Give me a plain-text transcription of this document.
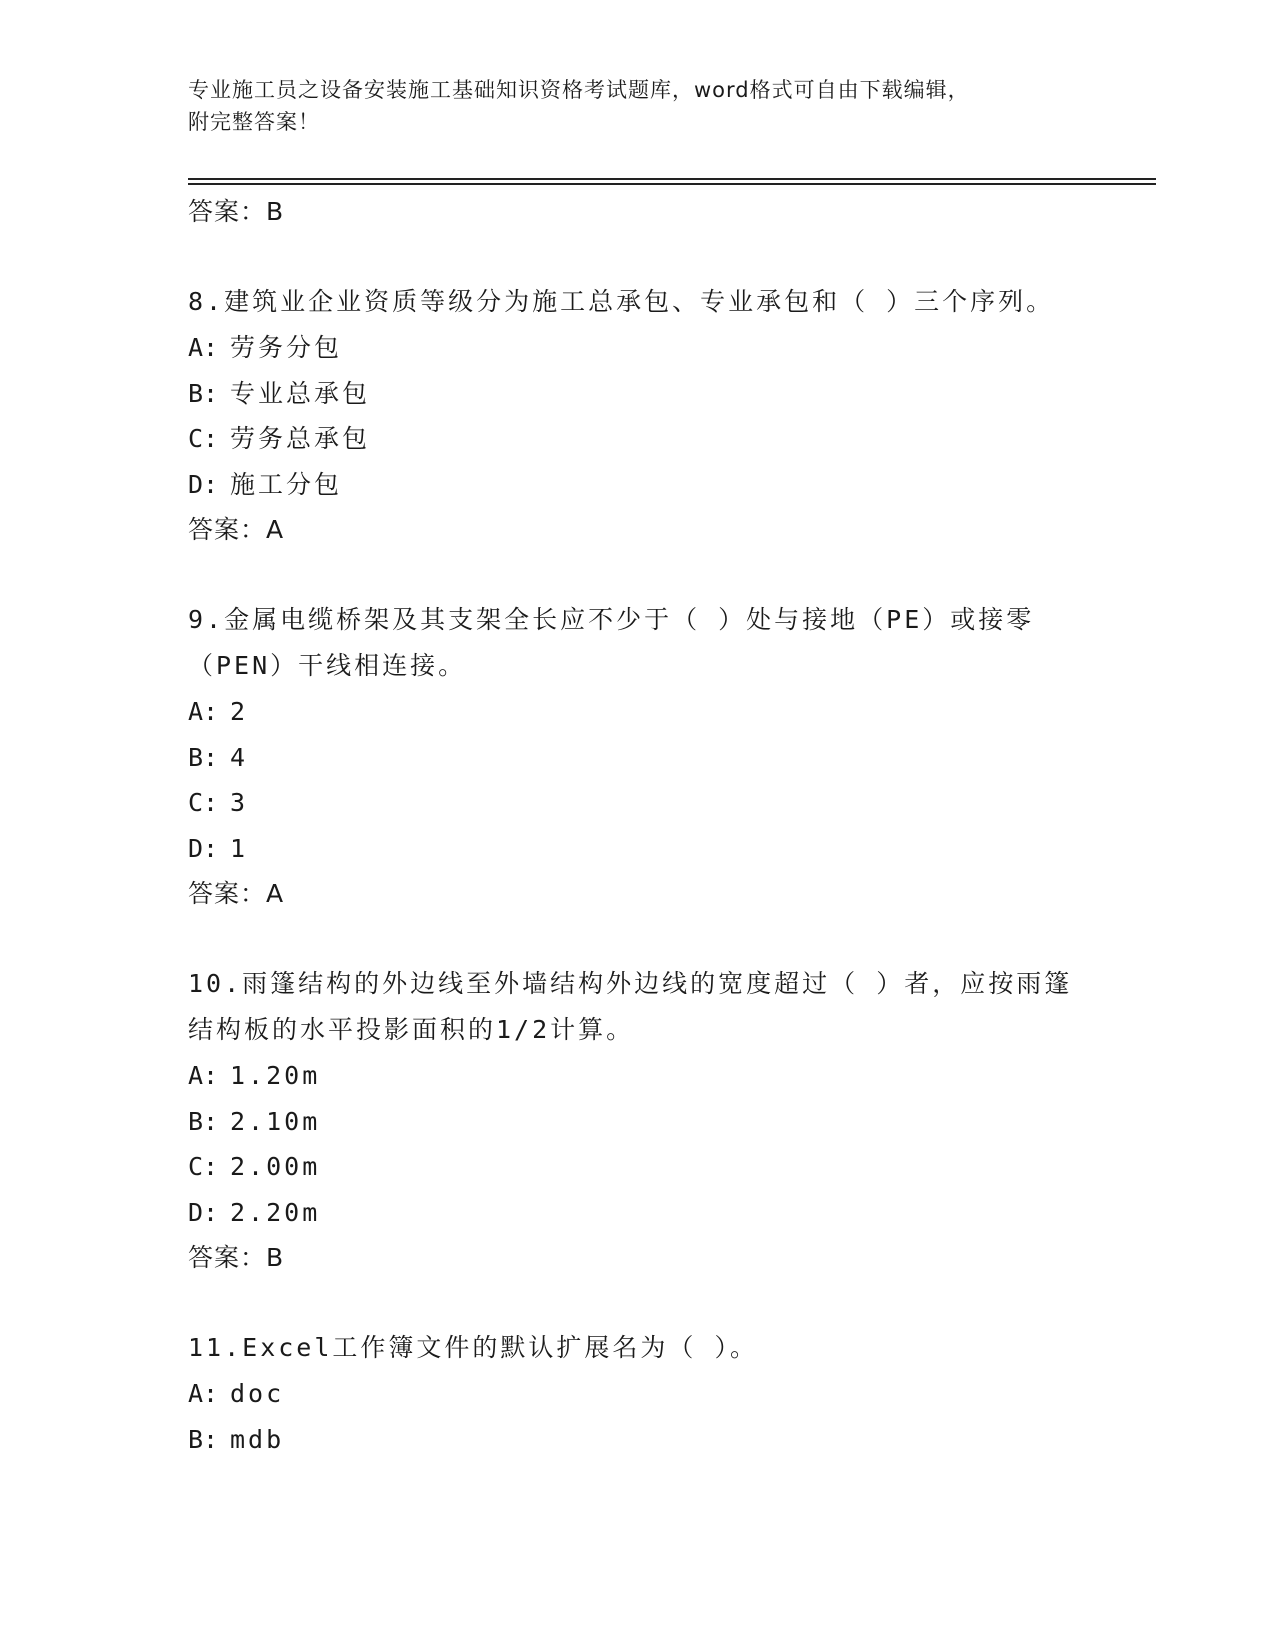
专业施工员之设备安装施工基础知识资格考试题库，word格式可自由下载编辑，
附完整答案！
答案：B

8.建筑业企业资质等级分为施工总承包、专业承包和（ ）三个序列。

A: 劳务分包
B: 专业总承包
C: 劳务总承包
D: 施工分包
答案：A

9.金属电缆桥架及其支架全长应不少于（ ）处与接地（PE）或接零（PEN）干线相连接。

A: 2
B: 4
C: 3
D: 1
答案：A

10.雨篷结构的外边线至外墙结构外边线的宽度超过（ ）者，应按雨篷结构板的水平投影面积的1/2计算。

A: 1.20m
B: 2.10m
C: 2.00m
D: 2.20m
答案：B

11.Excel工作簿文件的默认扩展名为（ ）。

A: doc
B: mdb
